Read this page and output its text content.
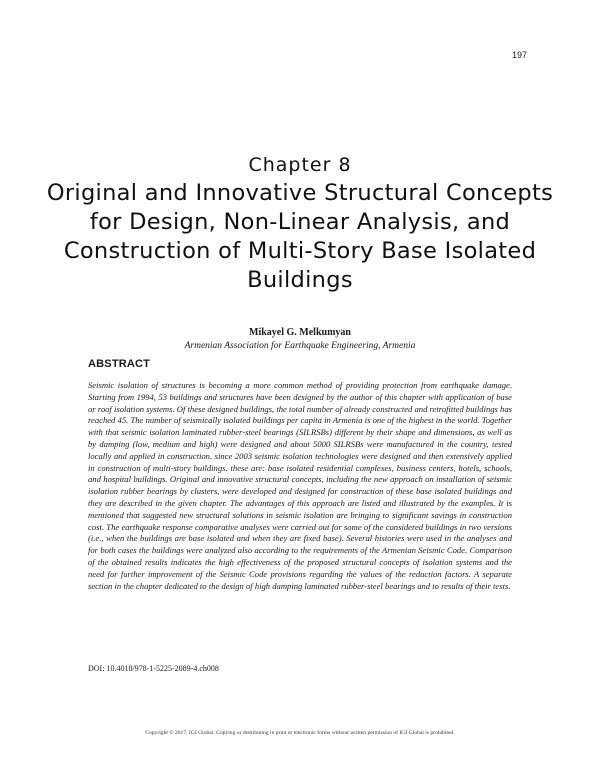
197
Chapter 8
Original and Innovative Structural Concepts for Design, Non-Linear Analysis, and Construction of Multi-Story Base Isolated Buildings
Mikayel G. Melkumyan
Armenian Association for Earthquake Engineering, Armenia
ABSTRACT

Seismic isolation of structures is becoming a more common method of providing protection from earthquake damage. Starting from 1994, 53 buildings and structures have been designed by the author of this chapter with application of base or roof isolation systems. Of these designed buildings, the total number of already constructed and retrofitted buildings has reached 45. The number of seismically isolated buildings per capita in Armenia is one of the highest in the world. Together with that seismic isolation laminated rubber-steel bearings (SILRSBs) different by their shape and dimensions, as well as by damping (low, medium and high) were designed and about 5000 SILRSBs were manufactured in the country, tested locally and applied in construction. since 2003 seismic isolation technologies were designed and then extensively applied in construction of multi-story buildings. these are: base isolated residential complexes, business centers, hotels, schools, and hospital buildings. Original and innovative structural concepts, including the new approach on installation of seismic isolation rubber bearings by clusters, were developed and designed for construction of these base isolated buildings and they are described in the given chapter. The advantages of this approach are listed and illustrated by the examples. It is mentioned that suggested new structural solutions in seismic isolation are bringing to significant savings in construction cost. The earthquake response comparative analyses were carried out for some of the considered buildings in two versions (i.e., when the buildings are base isolated and when they are fixed base). Several histories were used in the analyses and for both cases the buildings were analyzed also according to the requirements of the Armenian Seismic Code. Comparison of the obtained results indicates the high effectiveness of the proposed structural concepts of isolation systems and the need for further improvement of the Seismic Code provisions regarding the values of the reduction factors. A separate section in the chapter dedicated to the design of high damping laminated rubber-steel bearings and to results of their tests.

DOI: 10.4018/978-1-5225-2089-4.ch008
Copyright © 2017, IGI Global. Copying or distributing in print or electronic forms without written permission of IGI Global is prohibited.
